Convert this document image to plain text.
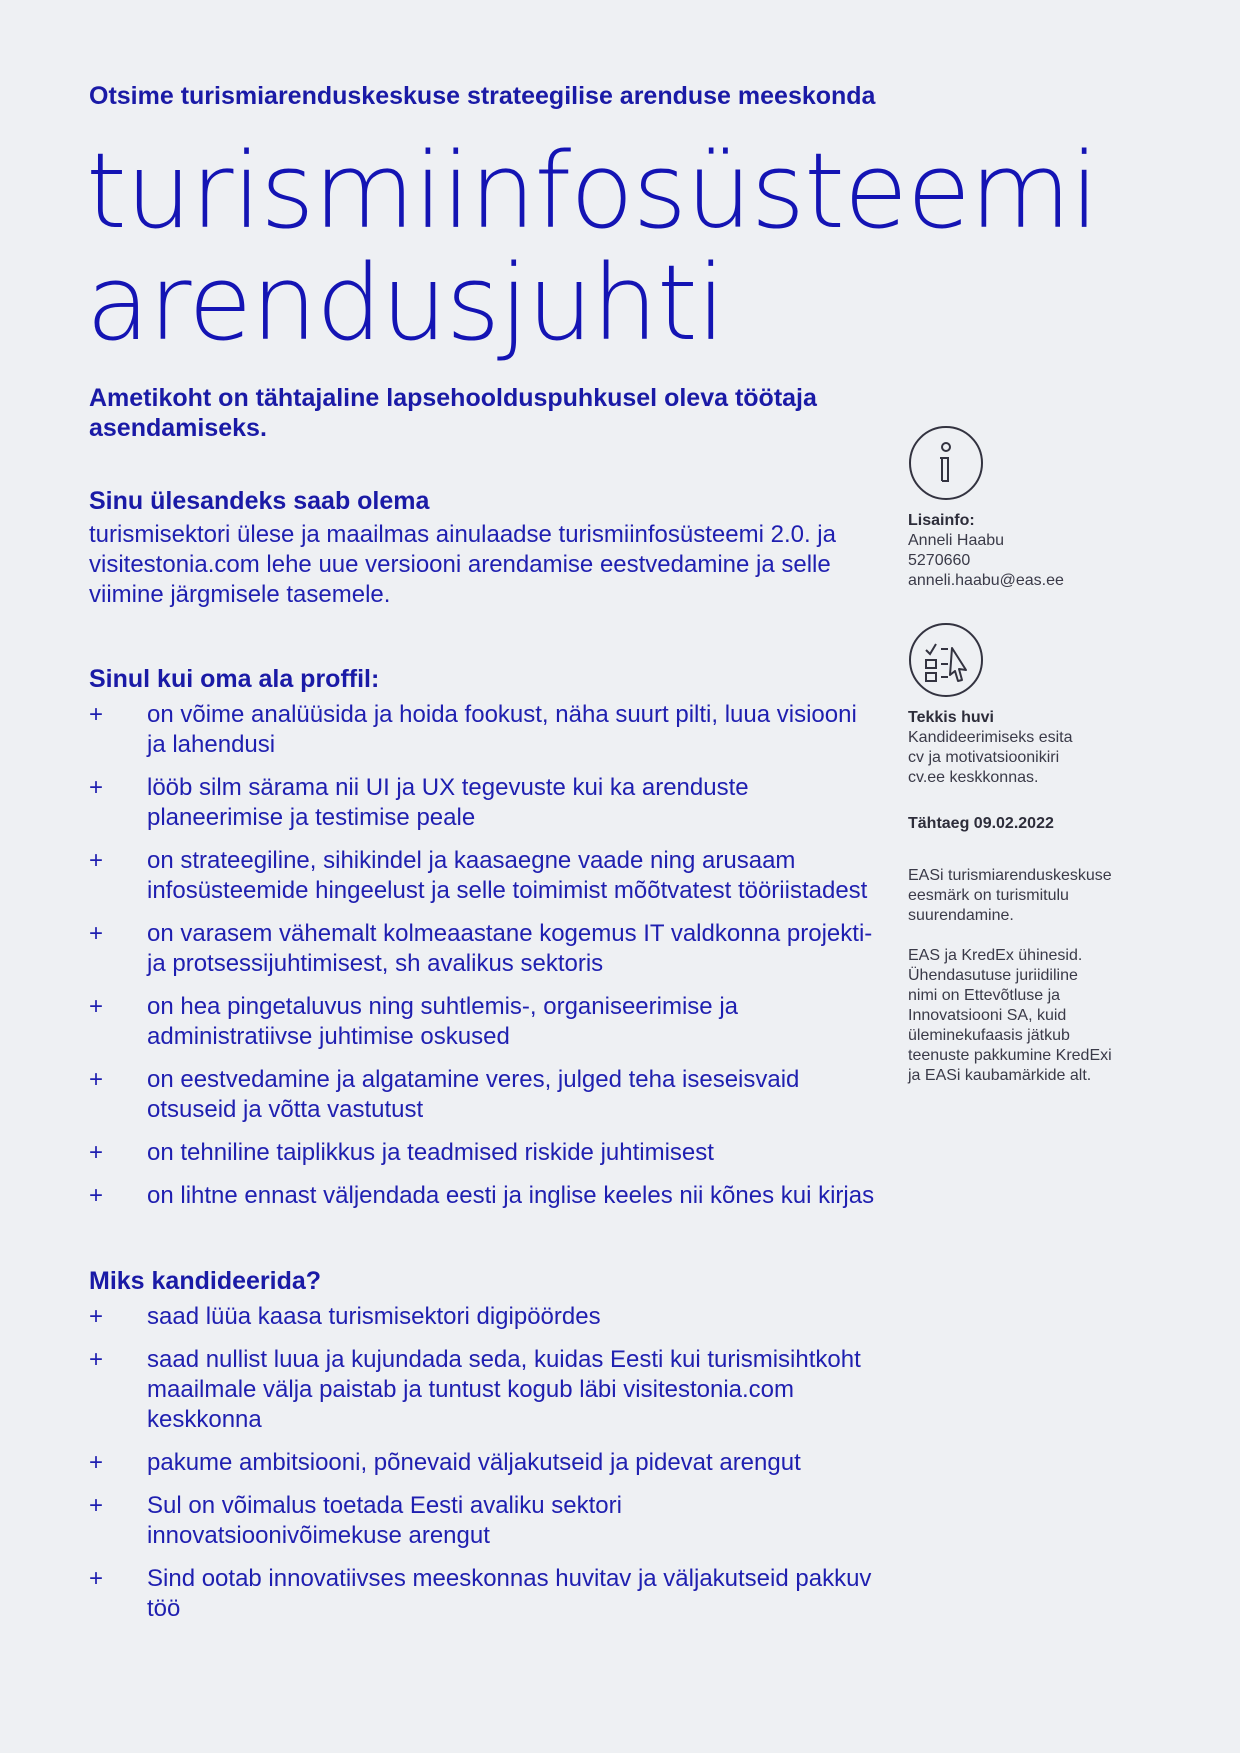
Otsime turismiarenduskeskuse strateegilise arenduse meeskonda

turismiinfosüsteemi
arendusjuhti

Ametikoht on tähtajaline lapsehoolduspuhkusel oleva töötaja asendamiseks.

Sinu ülesandeks saab olema

turismisektori ülese ja maailmas ainulaadse turismiinfosüsteemi 2.0. ja visitestonia.com lehe uue versiooni arendamise eestvedamine ja selle viimine järgmisele tasemele.

Sinul kui oma ala proffil:
+	on võime analüüsida ja hoida fookust, näha suurt pilti, luua visiooni ja lahendusi
+	lööb silm särama nii UI ja UX tegevuste kui ka arenduste planeerimise ja testimise peale
+	on strateegiline, sihikindel ja kaasaegne vaade ning arusaam infosüsteemide hingeelust ja selle toimimist mõõtvatest tööriistadest
+	on varasem vähemalt kolmeaastane kogemus IT valdkonna projekti- ja protsessijuhtimisest, sh avalikus sektoris
+	on hea pingetaluvus ning suhtlemis-, organiseerimise ja administratiivse juhtimise oskused
+	on eestvedamine ja algatamine veres, julged teha iseseisvaid otsuseid ja võtta vastutust
+	on tehniline taiplikkus ja teadmised riskide juhtimisest
+	on lihtne ennast väljendada eesti ja inglise keeles nii kõnes kui kirjas
Miks kandideerida?
+	saad lüüa kaasa turismisektori digipöördes
+	saad nullist luua ja kujundada seda, kuidas Eesti kui turismisihtkoht maailmale välja paistab ja tuntust kogub läbi visitestonia.com keskkonna
+	pakume ambitsiooni, põnevaid väljakutseid ja pidevat arengut
+	Sul on võimalus toetada Eesti avaliku sektori innovatsioonivõimekuse arengut
+	Sind ootab innovatiivses meeskonnas huvitav ja väljakutseid pakkuv töö

Lisainfo:

Anneli Haabu

5270660

anneli.haabu@eas.ee

Tekkis huvi

Kandideerimiseks esita
cv ja motivatsioonikiri
cv.ee keskkonnas.

Tähtaeg 09.02.2022

EASi turismiarenduskeskuse
eesmärk on turismitulu
suurendamine.

EAS ja KredEx ühinesid.
Ühendasutuse juriidiline
nimi on Ettevõtluse ja
Innovatsiooni SA, kuid
üleminekufaasis jätkub
teenuste pakkumine KredExi
ja EASi kaubamärkide alt.
